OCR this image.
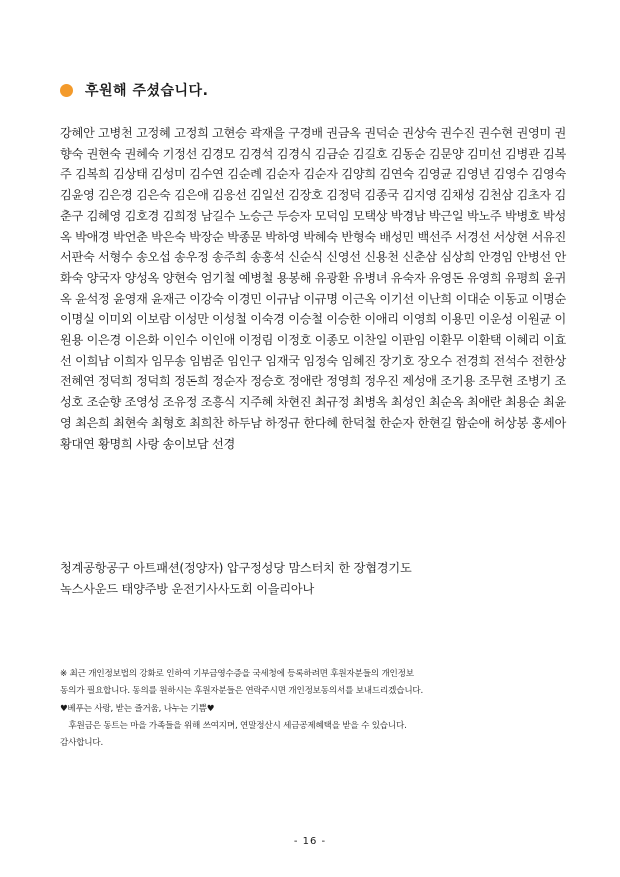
후원해 주셨습니다.
강혜안 고병천 고정혜 고정희 고현승 곽재을 구경배 권금옥 권덕순 권상숙 권수진 권수현 권영미 권향숙 권현숙 권혜숙 기정선 김경모 김경석 김경식 김금순 김길호 김동순 김문양 김미선 김병관 김복주 김복희 김상태 김성미 김수연 김순례 김순자 김순자 김양희 김연숙 김영균 김영년 김영수 김영숙 김윤영 김은경 김은숙 김은애 김응선 김일선 김장호 김정덕 김종국 김지영 김채성 김천삼 김초자 김춘구 김혜영 김호경 김희정 남길수 노승근 두승자 모덕임 모택상 박경남 박근일 박노주 박병호 박성옥 박애경 박언춘 박은숙 박장순 박종문 박하영 박혜숙 반형숙 배성민 백선주 서경선 서상현 서유진 서판숙 서형수 송오섭 송우정 송주희 송홍석 신순식 신영선 신용천 신춘삼 심상희 안경임 안병선 안화숙 양국자 양성옥 양현숙 엄기철 예병철 용봉해 유광환 유병녀 유숙자 유영돈 유영희 유평희 윤귀옥 윤석정 윤영재 윤재근 이강숙 이경민 이규남 이규명 이근옥 이기선 이난희 이대순 이동교 이명순 이명실 이미외 이보람 이성만 이성철 이숙경 이승철 이승한 이애리 이영희 이용민 이운성 이원균 이원용 이은경 이은화 이인수 이인애 이정림 이정호 이종모 이찬일 이판임 이환무 이환택 이혜리 이효선 이희남 이희자 임무송 임범준 임인구 임재국 임정숙 임혜진 장기호 장오수 전경희 전석수 전한상 전혜연 정덕희 정덕희 정돈희 정순자 정승호 정애란 정영희 정우진 제성애 조기용 조무현 조병기 조성호 조순향 조영성 조유정 조흥식 지주혜 차현진 최규정 최병옥 최성인 최순옥 최애란 최용순 최윤영 최은희 최현숙 최형호 최희찬 하두남 하정규 한다혜 한덕철 한순자 한현길 함순애 허상봉 홍세아 황대연 황명희 사랑 송이보담 선경
청계공항공구 아트패션(정양자) 압구정성당 맘스터치 한 장협경기도
녹스사운드 태양주방 운전기사사도회 이을리아나
※ 최근 개인정보법의 강화로 인하여 기부금영수증을 국세청에 등록하려면 후원자분들의 개인정보
동의가 필요합니다. 동의를 원하시는 후원자분들은 연락주시면 개인정보동의서를 보내드리겠습니다.
♥베푸는 사랑, 받는 즐거움, 나누는 기쁨♥
　후원금은 동트는 마을 가족들을 위해 쓰여지며, 연말정산시 세금공제혜택을 받을 수 있습니다.
감사합니다.
- 16 -
